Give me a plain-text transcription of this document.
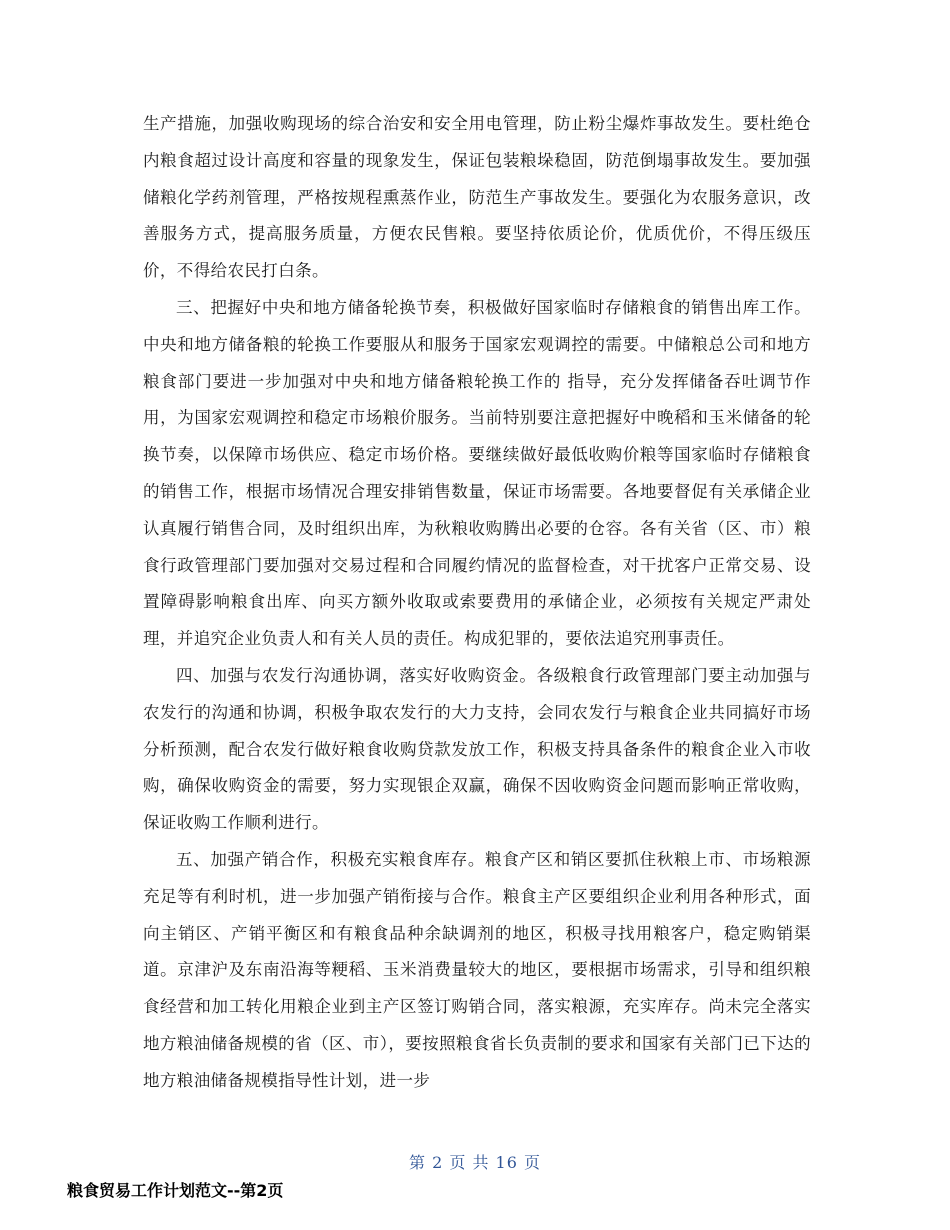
生产措施，加强收购现场的综合治安和安全用电管理，防止粉尘爆炸事故发生。要杜绝仓内粮食超过设计高度和容量的现象发生，保证包装粮垛稳固，防范倒塌事故发生。要加强储粮化学药剂管理，严格按规程熏蒸作业，防范生产事故发生。要强化为农服务意识，改善服务方式，提高服务质量，方便农民售粮。要坚持依质论价，优质优价，不得压级压价，不得给农民打白条。

三、把握好中央和地方储备轮换节奏，积极做好国家临时存储粮食的销售出库工作。中央和地方储备粮的轮换工作要服从和服务于国家宏观调控的需要。中储粮总公司和地方粮食部门要进一步加强对中央和地方储备粮轮换工作的 指导，充分发挥储备吞吐调节作用，为国家宏观调控和稳定市场粮价服务。当前特别要注意把握好中晚稻和玉米储备的轮换节奏，以保障市场供应、稳定市场价格。要继续做好最低收购价粮等国家临时存储粮食的销售工作，根据市场情况合理安排销售数量，保证市场需要。各地要督促有关承储企业认真履行销售合同，及时组织出库，为秋粮收购腾出必要的仓容。各有关省（区、市）粮食行政管理部门要加强对交易过程和合同履约情况的监督检查，对干扰客户正常交易、设置障碍影响粮食出库、向买方额外收取或索要费用的承储企业，必须按有关规定严肃处理，并追究企业负责人和有关人员的责任。构成犯罪的，要依法追究刑事责任。

四、加强与农发行沟通协调，落实好收购资金。各级粮食行政管理部门要主动加强与农发行的沟通和协调，积极争取农发行的大力支持，会同农发行与粮食企业共同搞好市场分析预测，配合农发行做好粮食收购贷款发放工作，积极支持具备条件的粮食企业入市收购，确保收购资金的需要，努力实现银企双赢，确保不因收购资金问题而影响正常收购，保证收购工作顺利进行。

五、加强产销合作，积极充实粮食库存。粮食产区和销区要抓住秋粮上市、市场粮源充足等有利时机，进一步加强产销衔接与合作。粮食主产区要组织企业利用各种形式，面向主销区、产销平衡区和有粮食品种余缺调剂的地区，积极寻找用粮客户，稳定购销渠道。京津沪及东南沿海等粳稻、玉米消费量较大的地区，要根据市场需求，引导和组织粮食经营和加工转化用粮企业到主产区签订购销合同，落实粮源，充实库存。尚未完全落实地方粮油储备规模的省（区、市），要按照粮食省长负责制的要求和国家有关部门已下达的地方粮油储备规模指导性计划，进一步

第 2 页 共 16 页
粮食贸易工作计划范文--第2页
